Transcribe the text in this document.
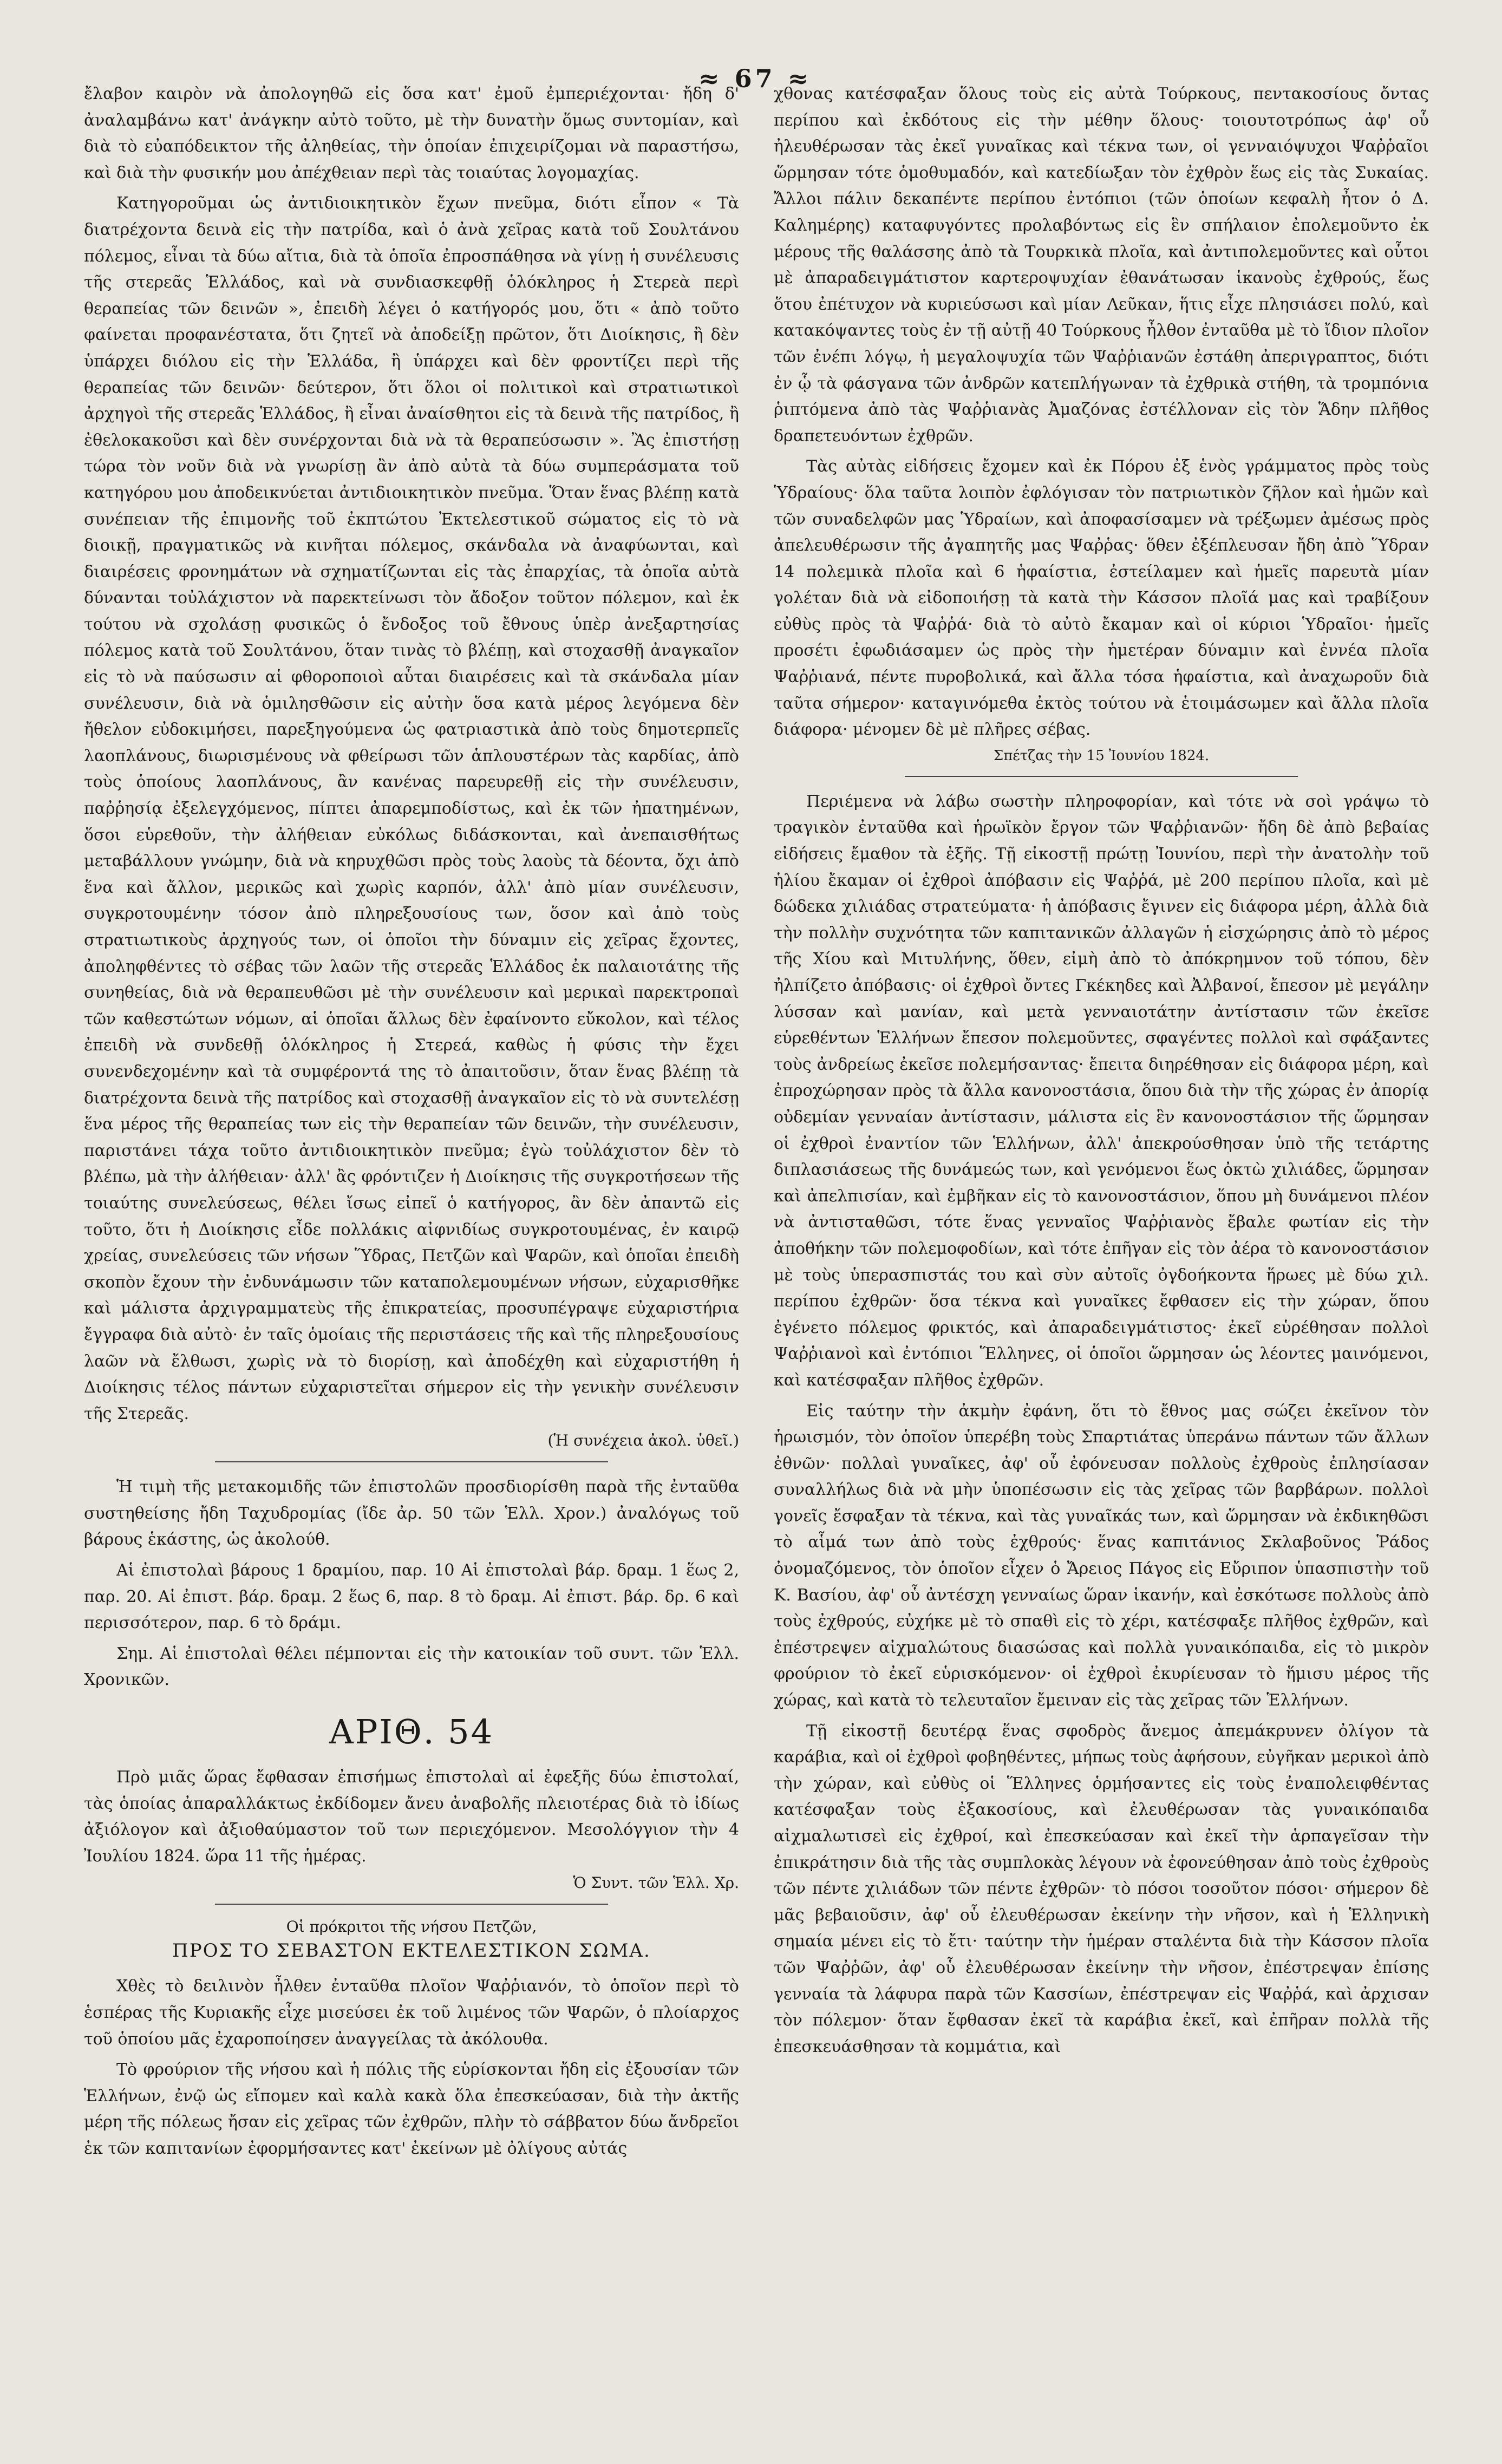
≈ 67 ≈

ἔλαβον καιρὸν νὰ ἀπολογηθῶ εἰς ὅσα κατ' ἐμοῦ ἐμπεριέχονται· ἤδη δ' ἀναλαμβάνω κατ' ἀνάγκην αὐτὸ τοῦτο, μὲ τὴν δυνατὴν ὅμως συντομίαν, καὶ διὰ τὸ εὐαπόδεικτον τῆς ἀληθείας, τὴν ὁποίαν ἐπιχειρίζομαι νὰ παραστήσω, καὶ διὰ τὴν φυσικήν μου ἀπέχθειαν περὶ τὰς τοιαύτας λογομαχίας.

Κατηγοροῦμαι ὡς ἀντιδιοικητικὸν ἔχων πνεῦμα, διότι εἶπον « Τὰ διατρέχοντα δεινὰ εἰς τὴν πατρίδα, καὶ ὁ ἀνὰ χεῖρας κατὰ τοῦ Σουλτάνου πόλεμος, εἶναι τὰ δύω αἴτια, διὰ τὰ ὁποῖα ἐπροσπάθησα νὰ γίνῃ ἡ συνέλευσις τῆς στερεᾶς Ἑλλάδος, καὶ νὰ συνδιασκεφθῇ ὁλόκληρος ἡ Στερεὰ περὶ θεραπείας τῶν δεινῶν », ἐπειδὴ λέγει ὁ κατήγορός μου, ὅτι « ἀπὸ τοῦτο φαίνεται προφανέστατα, ὅτι ζητεῖ νὰ ἀποδείξῃ πρῶτον, ὅτι Διοίκησις, ἢ δὲν ὑπάρχει διόλου εἰς τὴν Ἑλλάδα, ἢ ὑπάρχει καὶ δὲν φροντίζει περὶ τῆς θεραπείας τῶν δεινῶν· δεύτερον, ὅτι ὅλοι οἱ πολιτικοὶ καὶ στρατιωτικοὶ ἀρχηγοὶ τῆς στερεᾶς Ἑλλάδος, ἢ εἶναι ἀναίσθητοι εἰς τὰ δεινὰ τῆς πατρίδος, ἢ ἐθελοκακοῦσι καὶ δὲν συνέρχονται διὰ νὰ τὰ θεραπεύσωσιν ». Ἂς ἐπιστήσῃ τώρα τὸν νοῦν διὰ νὰ γνωρίσῃ ἂν ἀπὸ αὐτὰ τὰ δύω συμπεράσματα τοῦ κατηγόρου μου ἀποδεικνύεται ἀντιδιοικητικὸν πνεῦμα. Ὅταν ἕνας βλέπῃ κατὰ συνέπειαν τῆς ἐπιμονῆς τοῦ ἐκπτώτου Ἐκτελεστικοῦ σώματος εἰς τὸ νὰ διοικῇ, πραγματικῶς νὰ κινῆται πόλεμος, σκάνδαλα νὰ ἀναφύωνται, καὶ διαιρέσεις φρονημάτων νὰ σχηματίζωνται εἰς τὰς ἐπαρχίας, τὰ ὁποῖα αὐτὰ δύνανται τοὐλάχιστον νὰ παρεκτείνωσι τὸν ἄδοξον τοῦτον πόλεμον, καὶ ἐκ τούτου νὰ σχολάσῃ φυσικῶς ὁ ἔνδοξος τοῦ ἔθνους ὑπὲρ ἀνεξαρτησίας πόλεμος κατὰ τοῦ Σουλτάνου, ὅταν τινὰς τὸ βλέπῃ, καὶ στοχασθῇ ἀναγκαῖον εἰς τὸ νὰ παύσωσιν αἱ φθοροποιοὶ αὗται διαιρέσεις καὶ τὰ σκάνδαλα μίαν συνέλευσιν, διὰ νὰ ὁμιλησθῶσιν εἰς αὐτὴν ὅσα κατὰ μέρος λεγόμενα δὲν ἤθελον εὐδοκιμήσει, παρεξηγούμενα ὡς φατριαστικὰ ἀπὸ τοὺς δημοτερπεῖς λαοπλάνους, διωρισμένους νὰ φθείρωσι τῶν ἁπλουστέρων τὰς καρδίας, ἀπὸ τοὺς ὁποίους λαοπλάνους, ἂν κανένας παρευρεθῇ εἰς τὴν συνέλευσιν, παῤῥησίᾳ ἐξελεγχόμενος, πίπτει ἀπαρεμποδίστως, καὶ ἐκ τῶν ἠπατημένων, ὅσοι εὑρεθοῦν, τὴν ἀλήθειαν εὐκόλως διδάσκονται, καὶ ἀνεπαισθήτως μεταβάλλουν γνώμην, διὰ νὰ κηρυχθῶσι πρὸς τοὺς λαοὺς τὰ δέοντα, ὄχι ἀπὸ ἕνα καὶ ἄλλον, μερικῶς καὶ χωρὶς καρπόν, ἀλλ' ἀπὸ μίαν συνέλευσιν, συγκροτουμένην τόσον ἀπὸ πληρεξουσίους των, ὅσον καὶ ἀπὸ τοὺς στρατιωτικοὺς ἀρχηγούς των, οἱ ὁποῖοι τὴν δύναμιν εἰς χεῖρας ἔχοντες, ἀποληφθέντες τὸ σέβας τῶν λαῶν τῆς στερεᾶς Ἑλλάδος ἐκ παλαιοτάτης τῆς συνηθείας, διὰ νὰ θεραπευθῶσι μὲ τὴν συνέλευσιν καὶ μερικαὶ παρεκτροπαὶ τῶν καθεστώτων νόμων, αἱ ὁποῖαι ἄλλως δὲν ἐφαίνοντο εὔκολον, καὶ τέλος ἐπειδὴ νὰ συνδεθῇ ὁλόκληρος ἡ Στερεά, καθὼς ἡ φύσις τὴν ἔχει συνενδεχομένην καὶ τὰ συμφέροντά της τὸ ἀπαιτοῦσιν, ὅταν ἕνας βλέπῃ τὰ διατρέχοντα δεινὰ τῆς πατρίδος καὶ στοχασθῇ ἀναγκαῖον εἰς τὸ νὰ συντελέσῃ ἕνα μέρος τῆς θεραπείας των εἰς τὴν θεραπείαν τῶν δεινῶν, τὴν συνέλευσιν, παριστάνει τάχα τοῦτο ἀντιδιοικητικὸν πνεῦμα; ἐγὼ τοὐλάχιστον δὲν τὸ βλέπω, μὰ τὴν ἀλήθειαν· ἀλλ' ἂς φρόντιζεν ἡ Διοίκησις τῆς συγκροτήσεων τῆς τοιαύτης συνελεύσεως, θέλει ἴσως εἰπεῖ ὁ κατήγορος, ἂν δὲν ἀπαντῶ εἰς τοῦτο, ὅτι ἡ Διοίκησις εἶδε πολλάκις αἰφνιδίως συγκροτουμένας, ἐν καιρῷ χρείας, συνελεύσεις τῶν νήσων Ὕδρας, Πετζῶν καὶ Ψαρῶν, καὶ ὁποῖαι ἐπειδὴ σκοπὸν ἔχουν τὴν ἐνδυνάμωσιν τῶν καταπολεμουμένων νήσων, εὐχαρισθῆκε καὶ μάλιστα ἀρχιγραμματεὺς τῆς ἐπικρατείας, προσυπέγραψε εὐχαριστήρια ἔγγραφα διὰ αὐτὸ· ἐν ταῖς ὁμοίαις τῆς περιστάσεις τῆς καὶ τῆς πληρεξουσίους λαῶν νὰ ἔλθωσι, χωρὶς νὰ τὸ διορίσῃ, καὶ ἀποδέχθη καὶ εὐχαριστήθη ἡ Διοίκησις τέλος πάντων εὐχαριστεῖται σήμερον εἰς τὴν γενικὴν συνέλευσιν τῆς Στερεᾶς.

(Ἡ συνέχεια ἀκολ. ὑθεῖ.)

Ἡ τιμὴ τῆς μετακομιδῆς τῶν ἐπιστολῶν προσδιορίσθη παρὰ τῆς ἐνταῦθα συστηθείσης ἤδη Ταχυδρομίας (ἴδε ἀρ. 50 τῶν Ἑλλ. Χρον.) ἀναλόγως τοῦ βάρους ἑκάστης, ὡς ἀκολούθ.

Αἱ ἐπιστολαὶ βάρους 1 δραμίου, παρ. 10 Αἱ ἐπιστολαὶ βάρ. δραμ. 1 ἕως 2, παρ. 20. Αἱ ἐπιστ. βάρ. δραμ. 2 ἕως 6, παρ. 8 τὸ δραμ. Αἱ ἐπιστ. βάρ. δρ. 6 καὶ περισσότερον, παρ. 6 τὸ δράμι.

Σημ. Αἱ ἐπιστολαὶ θέλει πέμπονται εἰς τὴν κατοικίαν τοῦ συντ. τῶν Ἑλλ. Χρονικῶν.

ΑΡΙΘ. 54

Πρὸ μιᾶς ὥρας ἔφθασαν ἐπισήμως ἐπιστολαὶ αἱ ἐφεξῆς δύω ἐπιστολαί, τὰς ὁποίας ἀπαραλλάκτως ἐκδίδομεν ἄνευ ἀναβολῆς πλειοτέρας διὰ τὸ ἰδίως ἀξιόλογον καὶ ἀξιοθαύμαστον τοῦ των περιεχόμενον. Μεσολόγγιον τὴν 4 Ἰουλίου 1824. ὥρα 11 τῆς ἡμέρας.

Ὁ Συντ. τῶν Ἑλλ. Χρ.
Οἱ πρόκριτοι τῆς νήσου Πετζῶν,
ΠΡΟΣ ΤΟ ΣΕΒΑΣΤΟΝ ΕΚΤΕΛΕΣΤΙΚΟΝ ΣΩΜΑ.

Χθὲς τὸ δειλινὸν ἦλθεν ἐνταῦθα πλοῖον Ψαῤῥιανόν, τὸ ὁποῖον περὶ τὸ ἑσπέρας τῆς Κυριακῆς εἶχε μισεύσει ἐκ τοῦ λιμένος τῶν Ψαρῶν, ὁ πλοίαρχος τοῦ ὁποίου μᾶς ἐχαροποίησεν ἀναγγείλας τὰ ἀκόλουθα.

Τὸ φρούριον τῆς νήσου καὶ ἡ πόλις τῆς εὑρίσκονται ἤδη εἰς ἐξουσίαν τῶν Ἑλλήνων, ἐνῷ ὡς εἴπομεν καὶ καλὰ κακὰ ὅλα ἐπεσκεύασαν, διὰ τὴν ἀκτῆς μέρη τῆς πόλεως ἤσαν εἰς χεῖρας τῶν ἐχθρῶν, πλὴν τὸ σάββατον δύω ἄνδρεῖοι ἐκ τῶν καπιτανίων ἐφορμήσαντες κατ' ἐκείνων μὲ ὀλίγους αὐτάς

χθονας κατέσφαξαν ὅλους τοὺς εἰς αὐτὰ Τούρκους, πεντακοσίους ὄντας περίπου καὶ ἐκδότους εἰς τὴν μέθην ὅλους· τοιουτοτρόπως ἀφ' οὗ ἠλευθέρωσαν τὰς ἐκεῖ γυναῖκας καὶ τέκνα των, οἱ γενναιόψυχοι Ψαῤῥαῖοι ὥρμησαν τότε ὁμοθυμαδόν, καὶ κατεδίωξαν τὸν ἐχθρὸν ἕως εἰς τὰς Συκαίας. Ἄλλοι πάλιν δεκαπέντε περίπου ἐντόπιοι (τῶν ὁποίων κεφαλὴ ἦτον ὁ Δ. Καλημέρης) καταφυγόντες προλαβόντως εἰς ἓν σπήλαιον ἐπολεμοῦντο ἐκ μέρους τῆς θαλάσσης ἀπὸ τὰ Τουρκικὰ πλοῖα, καὶ ἀντιπολεμοῦντες καὶ οὗτοι μὲ ἀπαραδειγμάτιστον καρτεροψυχίαν ἐθανάτωσαν ἱκανοὺς ἐχθρούς, ἕως ὅτου ἐπέτυχον νὰ κυριεύσωσι καὶ μίαν Λεῦκαν, ἥτις εἶχε πλησιάσει πολύ, καὶ κατακόψαντες τοὺς ἐν τῇ αὐτῇ 40 Τούρκους ἦλθον ἐνταῦθα μὲ τὸ ἴδιον πλοῖον τῶν ἐνέπι λόγῳ, ἡ μεγαλοψυχία τῶν Ψαῤῥιανῶν ἐστάθη ἀπεριγραπτος, διότι ἐν ᾧ τὰ φάσγανα τῶν ἀνδρῶν κατεπλήγωναν τὰ ἐχθρικὰ στήθη, τὰ τρομπόνια ῥιπτόμενα ἀπὸ τὰς Ψαῤῥιανὰς Ἀμαζόνας ἐστέλλοναν εἰς τὸν Ἅδην πλῆθος δραπετευόντων ἐχθρῶν.

Τὰς αὐτὰς εἰδήσεις ἔχομεν καὶ ἐκ Πόρου ἐξ ἑνὸς γράμματος πρὸς τοὺς Ὑδραίους· ὅλα ταῦτα λοιπὸν ἐφλόγισαν τὸν πατριωτικὸν ζῆλον καὶ ἡμῶν καὶ τῶν συναδελφῶν μας Ὑδραίων, καὶ ἀποφασίσαμεν νὰ τρέξωμεν ἀμέσως πρὸς ἀπελευθέρωσιν τῆς ἀγαπητῆς μας Ψαῤῥας· ὅθεν ἐξέπλευσαν ἤδη ἀπὸ Ὕδραν 14 πολεμικὰ πλοῖα καὶ 6 ἡφαίστια, ἐστείλαμεν καὶ ἡμεῖς παρευτὰ μίαν γολέταν διὰ νὰ εἰδοποιήσῃ τὰ κατὰ τὴν Κάσσον πλοῖά μας καὶ τραβίξουν εὐθὺς πρὸς τὰ Ψαῤῥά· διὰ τὸ αὐτὸ ἔκαμαν καὶ οἱ κύριοι Ὑδραῖοι· ἡμεῖς προσέτι ἐφωδιάσαμεν ὡς πρὸς τὴν ἡμετέραν δύναμιν καὶ ἐννέα πλοῖα Ψαῤῥιανά, πέντε πυροβολικά, καὶ ἄλλα τόσα ἡφαίστια, καὶ ἀναχωροῦν διὰ ταῦτα σήμερον· καταγινόμεθα ἐκτὸς τούτου νὰ ἑτοιμάσωμεν καὶ ἄλλα πλοῖα διάφορα· μένομεν δὲ μὲ πλῆρες σέβας.

Σπέτζας τὴν 15 Ἰουνίου 1824.

Περιέμενα νὰ λάβω σωστὴν πληροφορίαν, καὶ τότε νὰ σοὶ γράψω τὸ τραγικὸν ἐνταῦθα καὶ ἡρωϊκὸν ἔργον τῶν Ψαῤῥιανῶν· ἤδη δὲ ἀπὸ βεβαίας εἰδήσεις ἔμαθον τὰ ἑξῆς. Τῇ εἰκοστῇ πρώτῃ Ἰουνίου, περὶ τὴν ἀνατολὴν τοῦ ἡλίου ἔκαμαν οἱ ἐχθροὶ ἀπόβασιν εἰς Ψαῤῥά, μὲ 200 περίπου πλοῖα, καὶ μὲ δώδεκα χιλιάδας στρατεύματα· ἡ ἀπόβασις ἔγινεν εἰς διάφορα μέρη, ἀλλὰ διὰ τὴν πολλὴν συχνότητα τῶν καπιτανικῶν ἀλλαγῶν ἡ εἰσχώρησις ἀπὸ τὸ μέρος τῆς Χίου καὶ Μιτυλήνης, ὅθεν, εἰμὴ ἀπὸ τὸ ἀπόκρημνον τοῦ τόπου, δὲν ἠλπίζετο ἀπόβασις· οἱ ἐχθροὶ ὄντες Γκέκηδες καὶ Ἀλβανοί, ἔπεσον μὲ μεγάλην λύσσαν καὶ μανίαν, καὶ μετὰ γενναιοτάτην ἀντίστασιν τῶν ἐκεῖσε εὑρεθέντων Ἑλλήνων ἔπεσον πολεμοῦντες, σφαγέντες πολλοὶ καὶ σφάξαντες τοὺς ἀνδρείως ἐκεῖσε πολεμήσαντας· ἔπειτα διηρέθησαν εἰς διάφορα μέρη, καὶ ἐπροχώρησαν πρὸς τὰ ἄλλα κανονοστάσια, ὅπου διὰ τὴν τῆς χώρας ἐν ἀπορίᾳ οὐδεμίαν γενναίαν ἀντίστασιν, μάλιστα εἰς ἓν κανονοστάσιον τῆς ὥρμησαν οἱ ἐχθροὶ ἐναντίον τῶν Ἑλλήνων, ἀλλ' ἀπεκρούσθησαν ὑπὸ τῆς τετάρτης διπλασιάσεως τῆς δυνάμεώς των, καὶ γενόμενοι ἕως ὀκτὼ χιλιάδες, ὥρμησαν καὶ ἀπελπισίαν, καὶ ἐμβῆκαν εἰς τὸ κανονοστάσιον, ὅπου μὴ δυνάμενοι πλέον νὰ ἀντισταθῶσι, τότε ἕνας γενναῖος Ψαῤῥιανὸς ἔβαλε φωτίαν εἰς τὴν ἀποθήκην τῶν πολεμοφοδίων, καὶ τότε ἐπῆγαν εἰς τὸν ἀέρα τὸ κανονοστάσιον μὲ τοὺς ὑπερασπιστάς του καὶ σὺν αὐτοῖς ὀγδοήκοντα ἥρωες μὲ δύω χιλ. περίπου ἐχθρῶν· ὅσα τέκνα καὶ γυναῖκες ἔφθασεν εἰς τὴν χώραν, ὅπου ἐγένετο πόλεμος φρικτός, καὶ ἀπαραδειγμάτιστος· ἐκεῖ εὑρέθησαν πολλοὶ Ψαῤῥιανοὶ καὶ ἐντόπιοι Ἕλληνες, οἱ ὁποῖοι ὥρμησαν ὡς λέοντες μαινόμενοι, καὶ κατέσφαξαν πλῆθος ἐχθρῶν.

Εἰς ταύτην τὴν ἀκμὴν ἐφάνη, ὅτι τὸ ἔθνος μας σώζει ἐκεῖνον τὸν ἡρωισμόν, τὸν ὁποῖον ὑπερέβη τοὺς Σπαρτιάτας ὑπεράνω πάντων τῶν ἄλλων ἐθνῶν· πολλαὶ γυναῖκες, ἀφ' οὗ ἐφόνευσαν πολλοὺς ἐχθροὺς ἐπλησίασαν συναλλήλως διὰ νὰ μὴν ὑποπέσωσιν εἰς τὰς χεῖρας τῶν βαρβάρων. πολλοὶ γονεῖς ἔσφαξαν τὰ τέκνα, καὶ τὰς γυναῖκάς των, καὶ ὥρμησαν νὰ ἐκδικηθῶσι τὸ αἷμά των ἀπὸ τοὺς ἐχθρούς· ἕνας καπιτάνιος Σκλαβοῦνος Ῥάδος ὀνομαζόμενος, τὸν ὁποῖον εἶχεν ὁ Ἄρειος Πάγος εἰς Εὔριπον ὑπασπιστὴν τοῦ Κ. Βασίου, ἀφ' οὗ ἀντέσχη γενναίως ὥραν ἱκανήν, καὶ ἐσκότωσε πολλοὺς ἀπὸ τοὺς ἐχθρούς, εὐχήκε μὲ τὸ σπαθὶ εἰς τὸ χέρι, κατέσφαξε πλῆθος ἐχθρῶν, καὶ ἐπέστρεψεν αἰχμαλώτους διασώσας καὶ πολλὰ γυναικόπαιδα, εἰς τὸ μικρὸν φρούριον τὸ ἐκεῖ εὑρισκόμενον· οἱ ἐχθροὶ ἐκυρίευσαν τὸ ἥμισυ μέρος τῆς χώρας, καὶ κατὰ τὸ τελευταῖον ἔμειναν εἰς τὰς χεῖρας τῶν Ἑλλήνων.

Τῇ εἰκοστῇ δευτέρᾳ ἕνας σφοδρὸς ἄνεμος ἀπεμάκρυνεν ὀλίγον τὰ καράβια, καὶ οἱ ἐχθροὶ φοβηθέντες, μήπως τοὺς ἀφήσουν, εὐγῆκαν μερικοὶ ἀπὸ τὴν χώραν, καὶ εὐθὺς οἱ Ἕλληνες ὁρμήσαντες εἰς τοὺς ἐναπολειφθέντας κατέσφαξαν τοὺς ἐξακοσίους, καὶ ἐλευθέρωσαν τὰς γυναικόπαιδα αἰχμαλωτισεὶ εἰς ἐχθροί, καὶ ἐπεσκεύασαν καὶ ἐκεῖ τὴν ἁρπαγεῖσαν τὴν ἐπικράτησιν διὰ τῆς τὰς συμπλοκὰς λέγουν νὰ ἐφονεύθησαν ἀπὸ τοὺς ἐχθροὺς τῶν πέντε χιλιάδων τῶν πέντε ἐχθρῶν· τὸ πόσοι τοσοῦτον πόσοι· σήμερον δὲ μᾶς βεβαιοῦσιν, ἀφ' οὗ ἐλευθέρωσαν ἐκείνην τὴν νῆσον, καὶ ἡ Ἑλληνικὴ σημαία μένει εἰς τὸ ἔτι· ταύτην τὴν ἡμέραν σταλέντα διὰ τὴν Κάσσον πλοῖα τῶν Ψαῤῥῶν, ἀφ' οὗ ἐλευθέρωσαν ἐκείνην τὴν νῆσον, ἐπέστρεψαν ἐπίσης γενναία τὰ λάφυρα παρὰ τῶν Κασσίων, ἐπέστρεψαν εἰς Ψαῤῥά, καὶ ἀρχισαν τὸν πόλεμον· ὅταν ἔφθασαν ἐκεῖ τὰ καράβια ἐκεῖ, καὶ ἐπῆραν πολλὰ τῆς ἐπεσκευάσθησαν τὰ κομμάτια, καὶ
